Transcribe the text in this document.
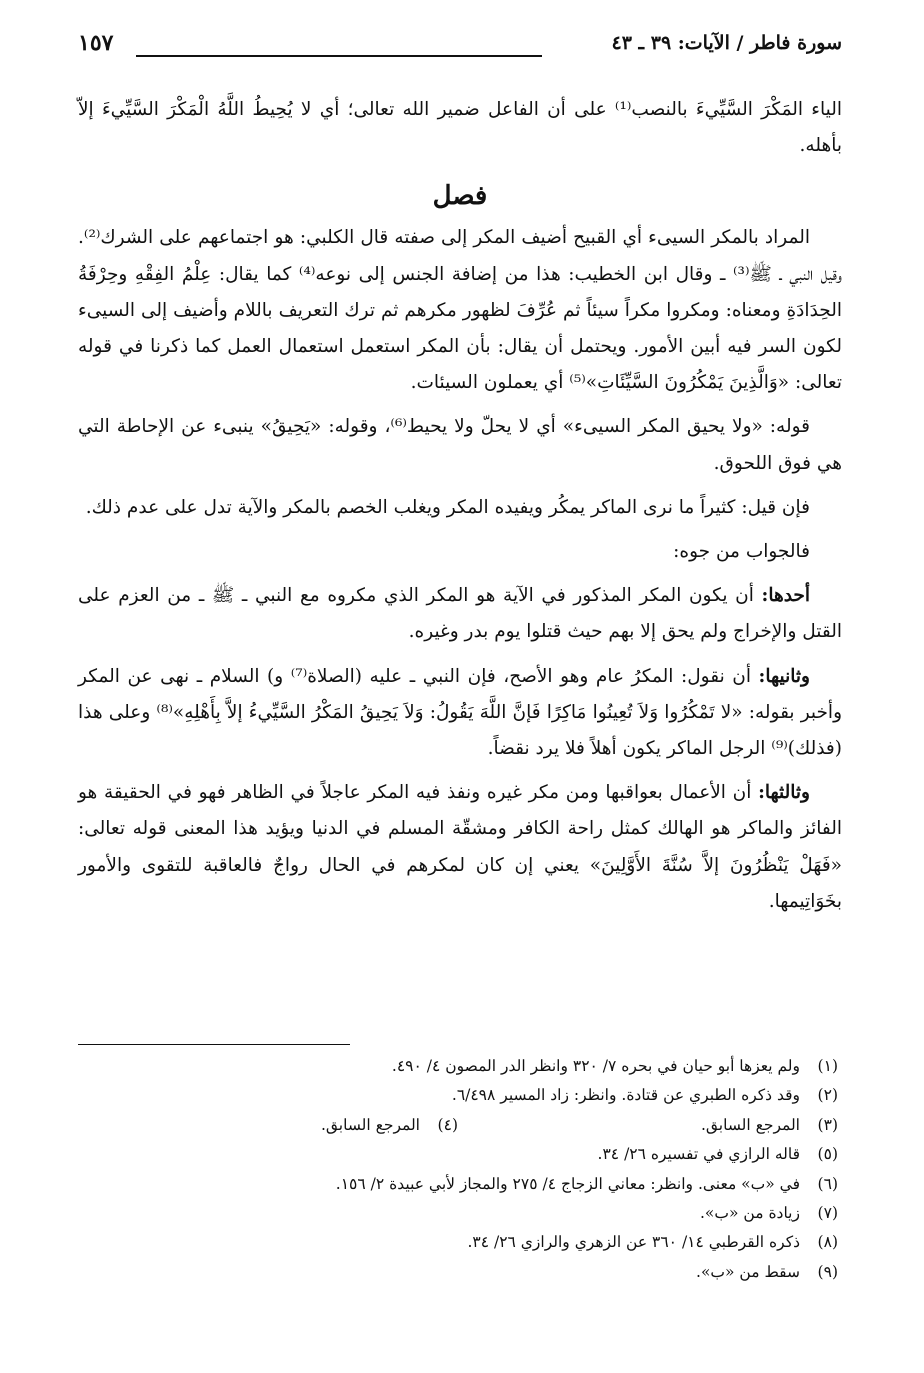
سورة فاطر / الآيات: ٣٩ ـ ٤٣
١٥٧

الياء المَكْرَ السَّيِّيءَ بالنصب⁽¹⁾ على أن الفاعل ضمير الله تعالى؛ أي لا يُحِيطُ اللَّهُ الْمَكْرَ السَّيِّيءَ إلاّ بأهله.

فصل

المراد بالمكر السيىء أي القبيح أضيف المكر إلى صفته قال الكلبي: هو اجتماعهم على الشرك⁽²⁾. وقيل النبي ـ ﷺ⁽³⁾ ـ وقال ابن الخطيب: هذا من إضافة الجنس إلى نوعه⁽⁴⁾ كما يقال: عِلْمُ الفِقْهِ وحِرْفَةُ الحِدَادَةِ ومعناه: ومكروا مكراً سيئاً ثم عُرِّفَ لظهور مكرهم ثم ترك التعريف باللام وأضيف إلى السيىء لكون السر فيه أبين الأمور. ويحتمل أن يقال: بأن المكر استعمل استعمال العمل كما ذكرنا في قوله تعالى: «وَالَّذِينَ يَمْكُرُونَ السَّيِّئَاتِ»⁽⁵⁾ أي يعملون السيئات.

قوله: «ولا يحيق المكر السيىء» أي لا يحلّ ولا يحيط⁽⁶⁾، وقوله: «يَحِيقُ» ينبىء عن الإحاطة التي هي فوق اللحوق.

فإن قيل: كثيراً ما نرى الماكر يمكُر ويفيده المكر ويغلب الخصم بالمكر والآية تدل على عدم ذلك.

فالجواب من جوه:

أحدها: أن يكون المكر المذكور في الآية هو المكر الذي مكروه مع النبي ـ ﷺ ـ من العزم على القتل والإخراج ولم يحق إلا بهم حيث قتلوا يوم بدر وغيره.

وثانيها: أن نقول: المكرُ عام وهو الأصح، فإن النبي ـ عليه (الصلاة⁽⁷⁾ و) السلام ـ نهى عن المكر وأخبر بقوله: «لا تَمْكُرُوا وَلاَ تُعِينُوا مَاكِرًا فَإنَّ اللَّهَ يَقُولُ: وَلاَ يَحِيقُ المَكْرُ السَّيِّيءُ إلاَّ بِأَهْلِهِ»⁽⁸⁾ وعلى هذا (فذلك)⁽⁹⁾ الرجل الماكر يكون أهلاً فلا يرد نقضاً.

وثالثها: أن الأعمال بعواقبها ومن مكر غيره ونفذ فيه المكر عاجلاً في الظاهر فهو في الحقيقة هو الفائز والماكر هو الهالك كمثل راحة الكافر ومشقّة المسلم في الدنيا ويؤيد هذا المعنى قوله تعالى: «فَهَلْ يَنْظُرُونَ إلاَّ سُنَّةَ الأَوَّلِينَ» يعني إن كان لمكرهم في الحال رواجٌ فالعاقبة للتقوى والأمور بخَوَاتِيمها.

(١)
ولم يعزها أبو حيان في بحره ٧/ ٣٢٠ وانظر الدر المصون ٤/ ٤٩٠.
(٢)
وقد ذكره الطبري عن قتادة. وانظر: زاد المسير ٦/٤٩٨.
(٣)
المرجع السابق.
(٤)
المرجع السابق.
(٥)
قاله الرازي في تفسيره ٢٦/ ٣٤.
(٦)
في «ب» معنى. وانظر: معاني الزجاج ٤/ ٢٧٥ والمجاز لأبي عبيدة ٢/ ١٥٦.
(٧)
زيادة من «ب».
(٨)
ذكره القرطبي ١٤/ ٣٦٠ عن الزهري والرازي ٢٦/ ٣٤.
(٩)
سقط من «ب».
